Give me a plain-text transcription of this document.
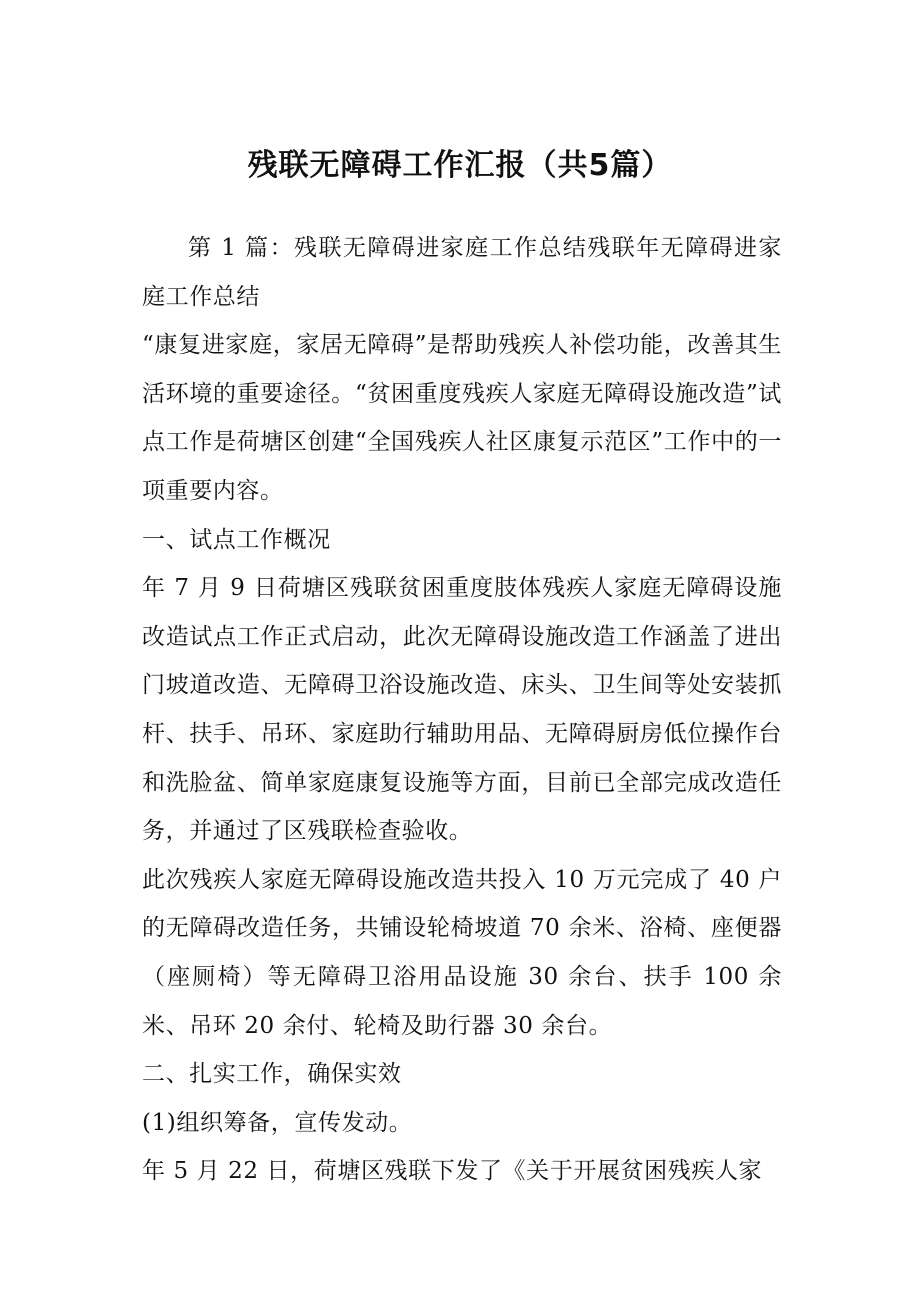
残联无障碍工作汇报（共5篇）

第 1 篇：残联无障碍进家庭工作总结残联年无障碍进家庭工作总结

“康复进家庭，家居无障碍”是帮助残疾人补偿功能，改善其生活环境的重要途径。“贫困重度残疾人家庭无障碍设施改造”试点工作是荷塘区创建“全国残疾人社区康复示范区”工作中的一项重要内容。

一、试点工作概况

年 7 月 9 日荷塘区残联贫困重度肢体残疾人家庭无障碍设施改造试点工作正式启动，此次无障碍设施改造工作涵盖了进出门坡道改造、无障碍卫浴设施改造、床头、卫生间等处安装抓杆、扶手、吊环、家庭助行辅助用品、无障碍厨房低位操作台和洗脸盆、简单家庭康复设施等方面，目前已全部完成改造任务，并通过了区残联检查验收。

此次残疾人家庭无障碍设施改造共投入 10 万元完成了 40 户的无障碍改造任务，共铺设轮椅坡道 70 余米、浴椅、座便器（座厕椅）等无障碍卫浴用品设施 30 余台、扶手 100 余米、吊环 20 余付、轮椅及助行器 30 余台。

二、扎实工作，确保实效

(1)组织筹备，宣传发动。

年 5 月 22 日，荷塘区残联下发了《关于开展贫困残疾人家
